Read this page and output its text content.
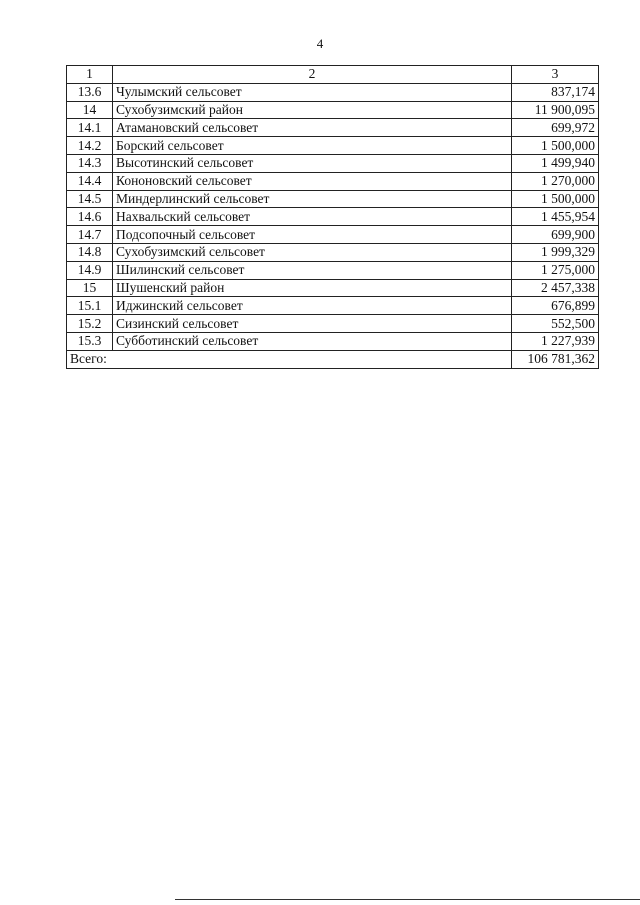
4
1	2	3
13.6	Чулымский сельсовет	837,174
14	Сухобузимский район	11 900,095
14.1	Атамановский сельсовет	699,972
14.2	Борский сельсовет	1 500,000
14.3	Высотинский сельсовет	1 499,940
14.4	Кононовский сельсовет	1 270,000
14.5	Миндерлинский сельсовет	1 500,000
14.6	Нахвальский сельсовет	1 455,954
14.7	Подсопочный сельсовет	699,900
14.8	Сухобузимский сельсовет	1 999,329
14.9	Шилинский сельсовет	1 275,000
15	Шушенский район	2 457,338
15.1	Иджинский сельсовет	676,899
15.2	Сизинский сельсовет	552,500
15.3	Субботинский сельсовет	1 227,939
Всего:		106 781,362
